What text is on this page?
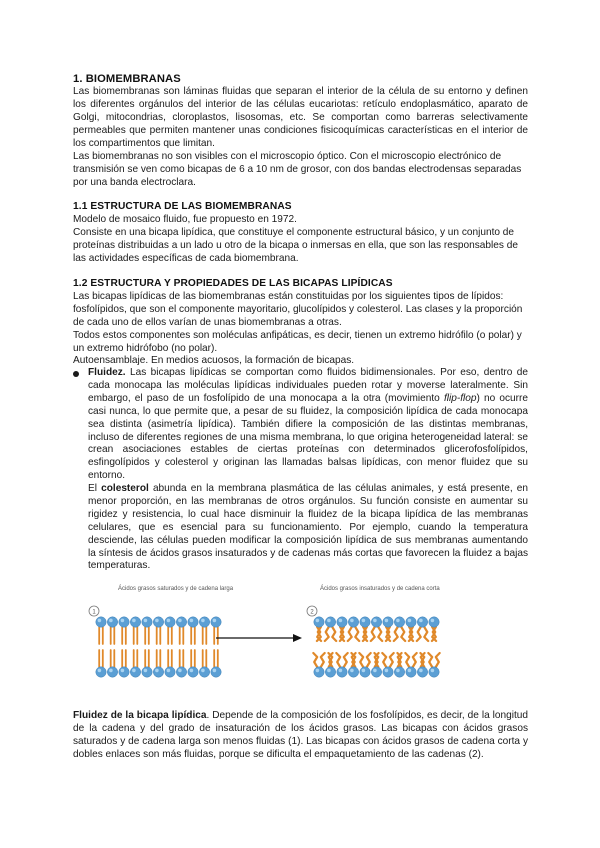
1. BIOMEMBRANAS

Las biomembranas son láminas fluidas que separan el interior de la célula de su entorno y definen los diferentes orgánulos del interior de las células eucariotas: retículo endoplasmático, aparato de Golgi, mitocondrias, cloroplastos, lisosomas, etc. Se comportan como barreras selectivamente permeables que permiten mantener unas condiciones fisicoquímicas características en el interior de los compartimentos que limitan.

Las biomembranas no son visibles con el microscopio óptico. Con el microscopio electrónico de transmisión se ven como bicapas de 6 a 10 nm de grosor, con dos bandas electrodensas separadas por una banda electroclara.

1.1 ESTRUCTURA DE LAS BIOMEMBRANAS

Modelo de mosaico fluido, fue propuesto en 1972.

Consiste en una bicapa lipídica, que constituye el componente estructural básico, y un conjunto de proteínas distribuidas a un lado u otro de la bicapa o inmersas en ella, que son las responsables de las actividades específicas de cada biomembrana.

1.2 ESTRUCTURA Y PROPIEDADES DE LAS BICAPAS LIPÍDICAS

Las bicapas lipídicas de las biomembranas están constituidas por los siguientes tipos de lípidos: fosfolípidos, que son el componente mayoritario, glucolípidos y colesterol. Las clases y la proporción de cada uno de ellos varían de unas biomembranas a otras.

Todos estos componentes son moléculas anfipáticas, es decir, tienen un extremo hidrófilo (o polar) y un extremo hidrófobo (no polar).

Autoensamblaje. En medios acuosos, la formación de bicapas.

Fluidez. Las bicapas lipídicas se comportan como fluidos bidimensionales. Por eso, dentro de cada monocapa las moléculas lipídicas individuales pueden rotar y moverse lateralmente. Sin embargo, el paso de un fosfolípido de una monocapa a la otra (movimiento flip-flop) no ocurre casi nunca, lo que permite que, a pesar de su fluidez, la composición lipídica de cada monocapa sea distinta (asimetría lipídica). También difiere la composición de las distintas membranas, incluso de diferentes regiones de una misma membrana, lo que origina heterogeneidad lateral: se crean asociaciones estables de ciertas proteínas con determinados glicerofosfolípidos, esfingolípidos y colesterol y originan las llamadas balsas lipídicas, con menor fluidez que su entorno.

El colesterol abunda en la membrana plasmática de las células animales, y está presente, en menor proporción, en las membranas de otros orgánulos. Su función consiste en aumentar su rigidez y resistencia, lo cual hace disminuir la fluidez de la bicapa lipídica de las membranas celulares, que es esencial para su funcionamiento. Por ejemplo, cuando la temperatura desciende, las células pueden modificar la composición lipídica de sus membranas aumentando la síntesis de ácidos grasos insaturados y de cadenas más cortas que favorecen la fluidez a bajas temperaturas.

Ácidos grasos saturados y de cadena larga
1
Ácidos grasos insaturados y de cadena corta
2

Fluidez de la bicapa lipídica. Depende de la composición de los fosfolípidos, es decir, de la longitud de la cadena y del grado de insaturación de los ácidos grasos. Las bicapas con ácidos grasos saturados y de cadena larga son menos fluidas (1). Las bicapas con ácidos grasos de cadena corta y dobles enlaces son más fluidas, porque se dificulta el empaquetamiento de las cadenas (2).
